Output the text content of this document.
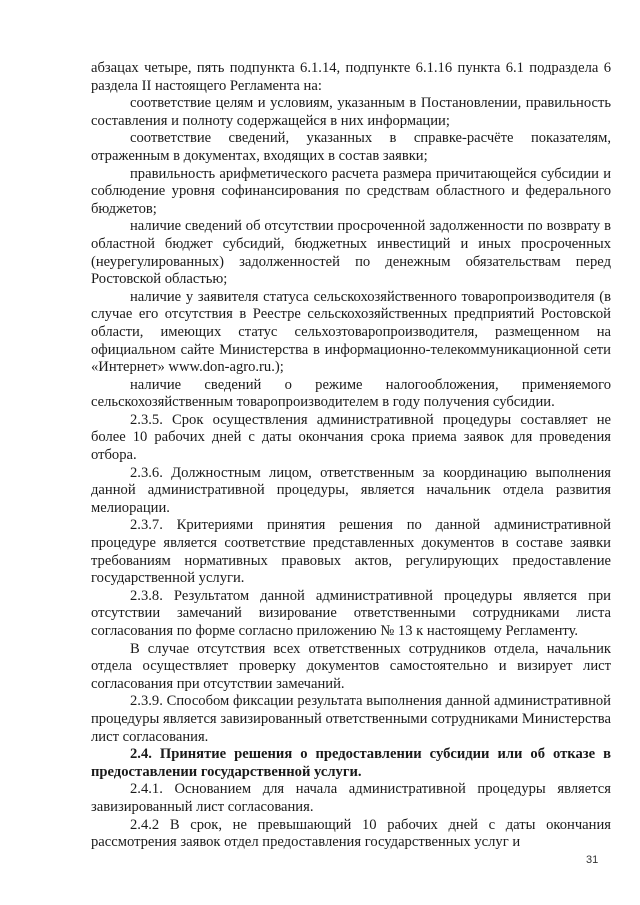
абзацах четыре, пять подпункта 6.1.14, подпункте 6.1.16 пункта 6.1 подраздела 6 раздела II настоящего Регламента на:

соответствие целям и условиям, указанным в Постановлении, правильность составления и полноту содержащейся в них информации;

соответствие сведений, указанных в справке-расчёте показателям, отраженным в документах, входящих в состав заявки;

правильность арифметического расчета размера причитающейся субсидии и соблюдение уровня софинансирования по средствам областного и федерального бюджетов;

наличие сведений об отсутствии просроченной задолженности по возврату в областной бюджет субсидий, бюджетных инвестиций и иных просроченных (неурегулированных) задолженностей по денежным обязательствам перед Ростовской областью;

наличие у заявителя статуса сельскохозяйственного товаропроизводителя (в случае его отсутствия в Реестре сельскохозяйственных предприятий Ростовской области, имеющих статус сельхозтоваропроизводителя, размещенном на официальном сайте Министерства в информационно-телекоммуникационной сети «Интернет» www.don-agro.ru.);

наличие сведений о режиме налогообложения, применяемого сельскохозяйственным товаропроизводителем в году получения субсидии.

2.3.5. Срок осуществления административной процедуры составляет не более 10 рабочих дней с даты окончания срока приема заявок для проведения отбора.

2.3.6. Должностным лицом, ответственным за координацию выполнения данной административной процедуры, является начальник отдела развития мелиорации.

2.3.7. Критериями принятия решения по данной административной процедуре является соответствие представленных документов в составе заявки требованиям нормативных правовых актов, регулирующих предоставление государственной услуги.

2.3.8. Результатом данной административной процедуры является при отсутствии замечаний визирование ответственными сотрудниками листа согласования по форме согласно приложению № 13 к настоящему Регламенту.

В случае отсутствия всех ответственных сотрудников отдела, начальник отдела осуществляет проверку документов самостоятельно и визирует лист согласования при отсутствии замечаний.

2.3.9. Способом фиксации результата выполнения данной административной процедуры является завизированный ответственными сотрудниками Министерства лист согласования.

2.4. Принятие решения о предоставлении субсидии или об отказе в предоставлении государственной услуги.

2.4.1. Основанием для начала административной процедуры является завизированный лист согласования.

2.4.2 В срок, не превышающий 10 рабочих дней с даты окончания рассмотрения заявок отдел предоставления государственных услуг и

31
